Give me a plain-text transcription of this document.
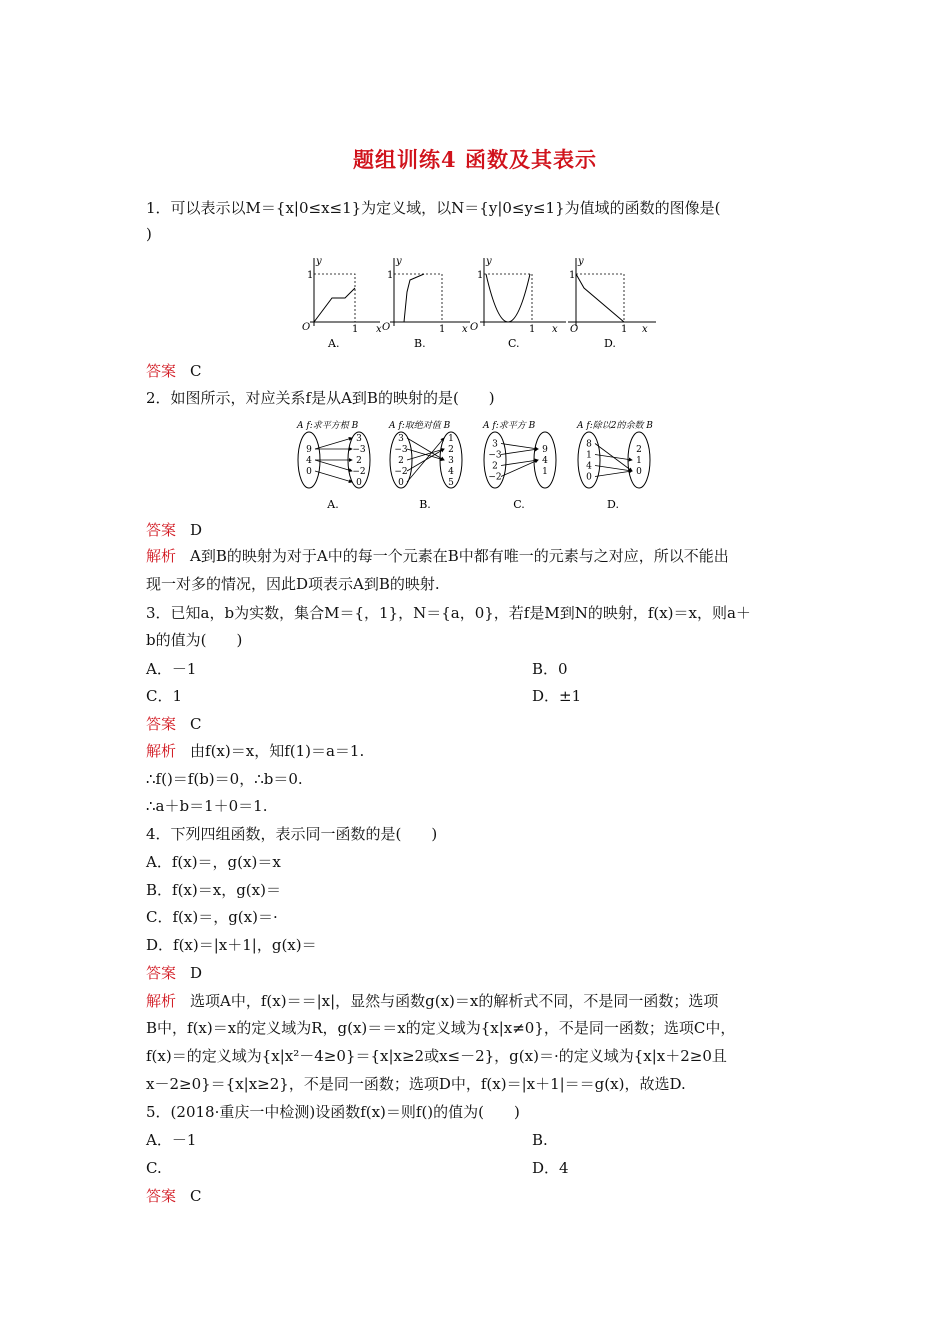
题组训练4 函数及其表示
1．可以表示以M＝{x|0≤x≤1}为定义域，以N＝{y|0≤y≤1}为值域的函数的图像是(
)
y
1
O	1 x
A.
y
1
O	1 x
B.
y
1
O	1 x
C.
y
1
O	1 x
D.
答案 C
2．如图所示，对应关系f是从A到B的映射的是(　　)
A f:求平方根 B
9
4
0
3
−3
2
−2
0
A.
A f:取绝对值 B
3
−3
2
−2
0
1
2
3
4
5
B.
A f:求平方 B
3
−3
2
−2
9
4
1
C.
A f:除以2的余数 B
8
1
4
0
2
1
0
D.
答案 D
解析 A到B的映射为对于A中的每一个元素在B中都有唯一的元素与之对应，所以不能出
现一对多的情况，因此D项表示A到B的映射.
3．已知a，b为实数，集合M＝{，1}，N＝{a，0}，若f是M到N的映射，f(x)＝x，则a＋
b的值为(　　)
A．－1	B．0
C．1	D．±1
答案 C
解析 由f(x)＝x，知f(1)＝a＝1.
∴f()＝f(b)＝0，∴b＝0.
∴a＋b＝1＋0＝1.
4．下列四组函数，表示同一函数的是(　　)
A．f(x)＝，g(x)＝x
B．f(x)＝x，g(x)＝
C．f(x)＝，g(x)＝·
D．f(x)＝|x＋1|，g(x)＝
答案 D
解析 选项A中，f(x)＝＝|x|，显然与函数g(x)＝x的解析式不同，不是同一函数；选项
B中，f(x)＝x的定义域为R，g(x)＝＝x的定义域为{x|x≠0}，不是同一函数；选项C中，
f(x)＝的定义域为{x|x²－4≥0}＝{x|x≥2或x≤－2}，g(x)＝·的定义域为{x|x＋2≥0且
x－2≥0}＝{x|x≥2}，不是同一函数；选项D中，f(x)＝|x＋1|＝＝g(x)，故选D.
5．(2018·重庆一中检测)设函数f(x)＝则f()的值为(　　)
A．－1	B.
C.	D．4
答案 C
